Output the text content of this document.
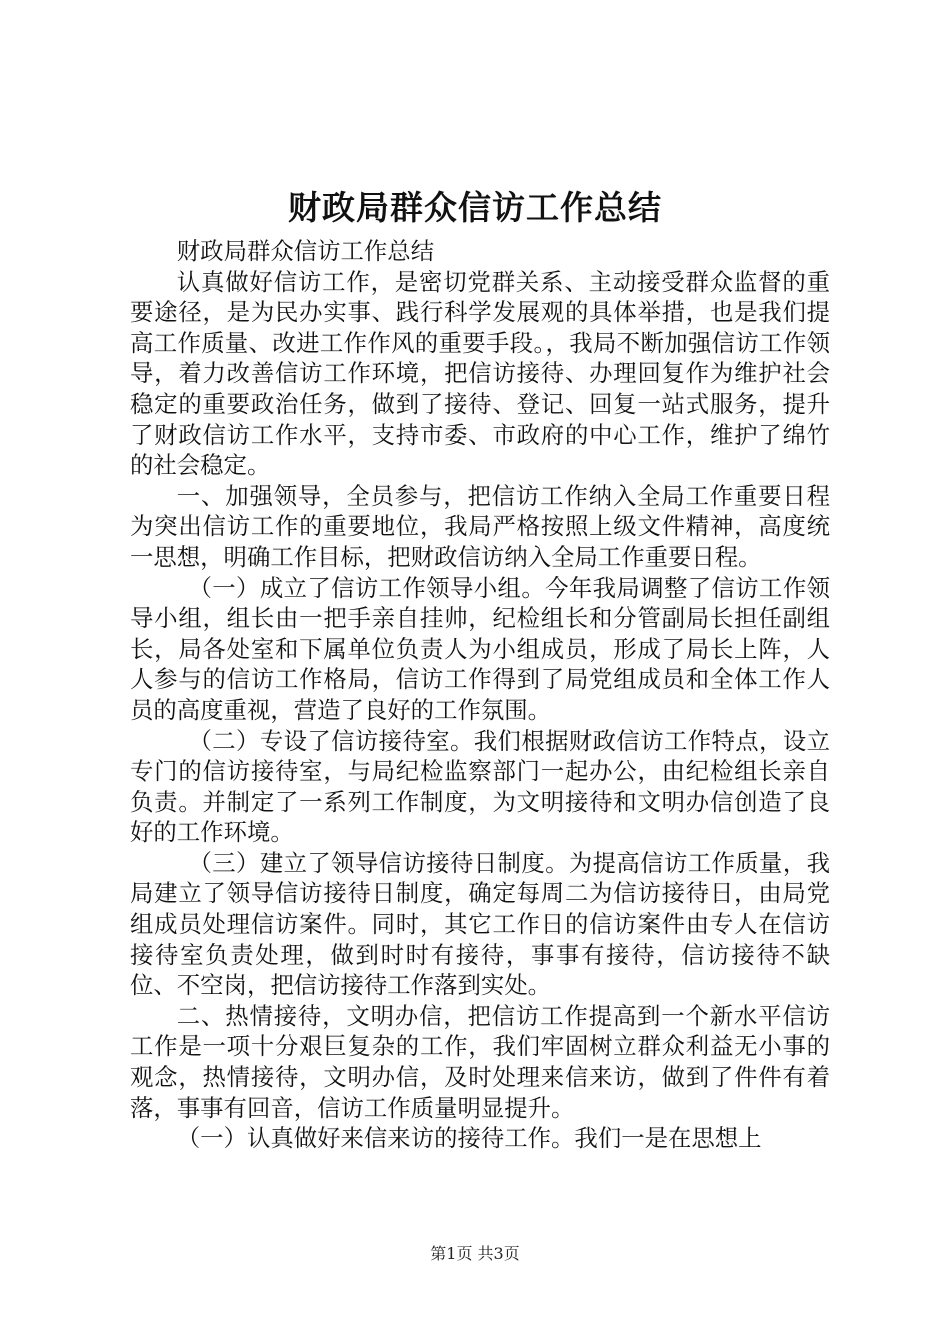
财政局群众信访工作总结

财政局群众信访工作总结

认真做好信访工作，是密切党群关系、主动接受群众监督的重要途径，是为民办实事、践行科学发展观的具体举措，也是我们提高工作质量、改进工作作风的重要手段。，我局不断加强信访工作领导，着力改善信访工作环境，把信访接待、办理回复作为维护社会稳定的重要政治任务，做到了接待、登记、回复一站式服务，提升了财政信访工作水平，支持市委、市政府的中心工作，维护了绵竹的社会稳定。

一、加强领导，全员参与，把信访工作纳入全局工作重要日程为突出信访工作的重要地位，我局严格按照上级文件精神，高度统一思想，明确工作目标，把财政信访纳入全局工作重要日程。

（一）成立了信访工作领导小组。今年我局调整了信访工作领导小组，组长由一把手亲自挂帅，纪检组长和分管副局长担任副组长，局各处室和下属单位负责人为小组成员，形成了局长上阵，人人参与的信访工作格局，信访工作得到了局党组成员和全体工作人员的高度重视，营造了良好的工作氛围。

（二）专设了信访接待室。我们根据财政信访工作特点，设立专门的信访接待室，与局纪检监察部门一起办公，由纪检组长亲自负责。并制定了一系列工作制度，为文明接待和文明办信创造了良好的工作环境。

（三）建立了领导信访接待日制度。为提高信访工作质量，我局建立了领导信访接待日制度，确定每周二为信访接待日，由局党组成员处理信访案件。同时，其它工作日的信访案件由专人在信访接待室负责处理，做到时时有接待，事事有接待，信访接待不缺位、不空岗，把信访接待工作落到实处。

二、热情接待，文明办信，把信访工作提高到一个新水平信访工作是一项十分艰巨复杂的工作，我们牢固树立群众利益无小事的观念，热情接待，文明办信，及时处理来信来访，做到了件件有着落，事事有回音，信访工作质量明显提升。

（一）认真做好来信来访的接待工作。我们一是在思想上

第1页 共3页
